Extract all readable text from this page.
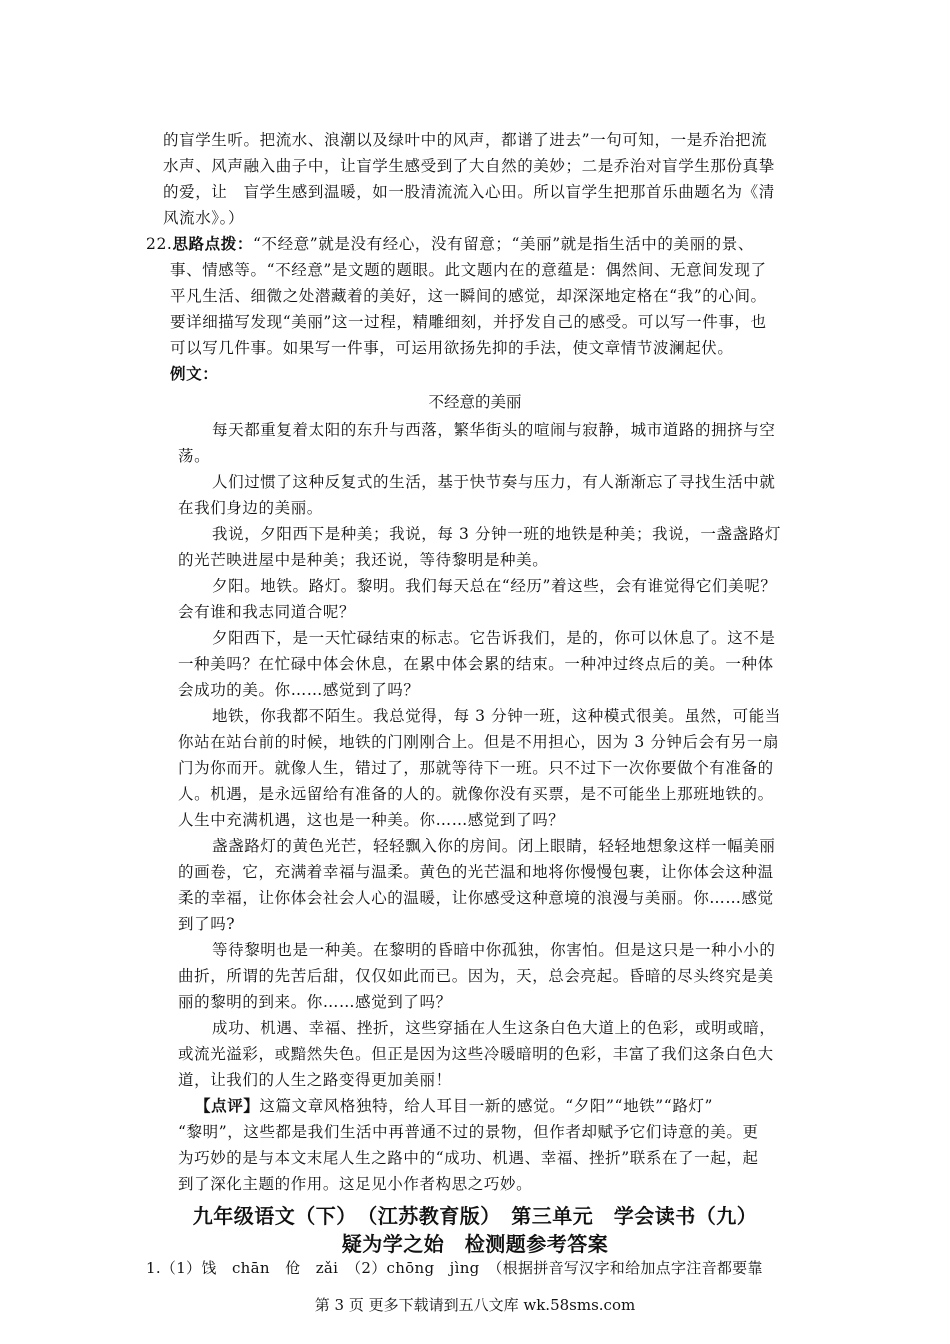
的盲学生听。把流水、浪潮以及绿叶中的风声，都谱了进去”一句可知，一是乔治把流
水声、风声融入曲子中，让盲学生感受到了大自然的美妙；二是乔治对盲学生那份真挚
的爱，让　盲学生感到温暖，如一股清流流入心田。所以盲学生把那首乐曲题名为《清
风流水》。）
22.思路点拨：“不经意”就是没有经心，没有留意；“美丽”就是指生活中的美丽的景、
事、情感等。“不经意”是文题的题眼。此文题内在的意蕴是：偶然间、无意间发现了
平凡生活、细微之处潜藏着的美好，这一瞬间的感觉，却深深地定格在“我”的心间。
要详细描写发现“美丽”这一过程，精雕细刻，并抒发自己的感受。可以写一件事，也
可以写几件事。如果写一件事，可运用欲扬先抑的手法，使文章情节波澜起伏。
例文：
不经意的美丽
每天都重复着太阳的东升与西落，繁华街头的喧闹与寂静，城市道路的拥挤与空
荡。
人们过惯了这种反复式的生活，基于快节奏与压力，有人渐渐忘了寻找生活中就
在我们身边的美丽。
我说，夕阳西下是种美；我说，每 3 分钟一班的地铁是种美；我说，一盏盏路灯
的光芒映进屋中是种美；我还说，等待黎明是种美。
夕阳。地铁。路灯。黎明。我们每天总在“经历”着这些，会有谁觉得它们美呢？
会有谁和我志同道合呢？
夕阳西下，是一天忙碌结束的标志。它告诉我们，是的，你可以休息了。这不是
一种美吗？在忙碌中体会休息，在累中体会累的结束。一种冲过终点后的美。一种体
会成功的美。你……感觉到了吗？
地铁，你我都不陌生。我总觉得，每 3 分钟一班，这种模式很美。虽然，可能当
你站在站台前的时候，地铁的门刚刚合上。但是不用担心，因为 3 分钟后会有另一扇
门为你而开。就像人生，错过了，那就等待下一班。只不过下一次你要做个有准备的
人。机遇，是永远留给有准备的人的。就像你没有买票，是不可能坐上那班地铁的。
人生中充满机遇，这也是一种美。你……感觉到了吗？
盏盏路灯的黄色光芒，轻轻飘入你的房间。闭上眼睛，轻轻地想象这样一幅美丽
的画卷，它，充满着幸福与温柔。黄色的光芒温和地将你慢慢包裹，让你体会这种温
柔的幸福，让你体会社会人心的温暖，让你感受这种意境的浪漫与美丽。你……感觉
到了吗?
等待黎明也是一种美。在黎明的昏暗中你孤独，你害怕。但是这只是一种小小的
曲折，所谓的先苦后甜，仅仅如此而已。因为，天，总会亮起。昏暗的尽头终究是美
丽的黎明的到来。你……感觉到了吗？
成功、机遇、幸福、挫折，这些穿插在人生这条白色大道上的色彩，或明或暗，
或流光溢彩，或黯然失色。但正是因为这些冷暖暗明的色彩，丰富了我们这条白色大
道，让我们的人生之路变得更加美丽！
【点评】这篇文章风格独特，给人耳目一新的感觉。“夕阳”“地铁”“路灯”
“黎明”，这些都是我们生活中再普通不过的景物，但作者却赋予它们诗意的美。更
为巧妙的是与本文末尾人生之路中的“成功、机遇、幸福、挫折”联系在了一起，起
到了深化主题的作用。这足见小作者构思之巧妙。
九年级语文（下）　（江苏教育版）　第三单元　学会读书（九）
疑为学之始　检测题参考答案
1.（1）饯　chān　伧　zǎi　（2）chōng　jìng　（根据拼音写汉字和给加点字注音都要靠
第 3 页 更多下载请到五八文库 wk.58sms.com
